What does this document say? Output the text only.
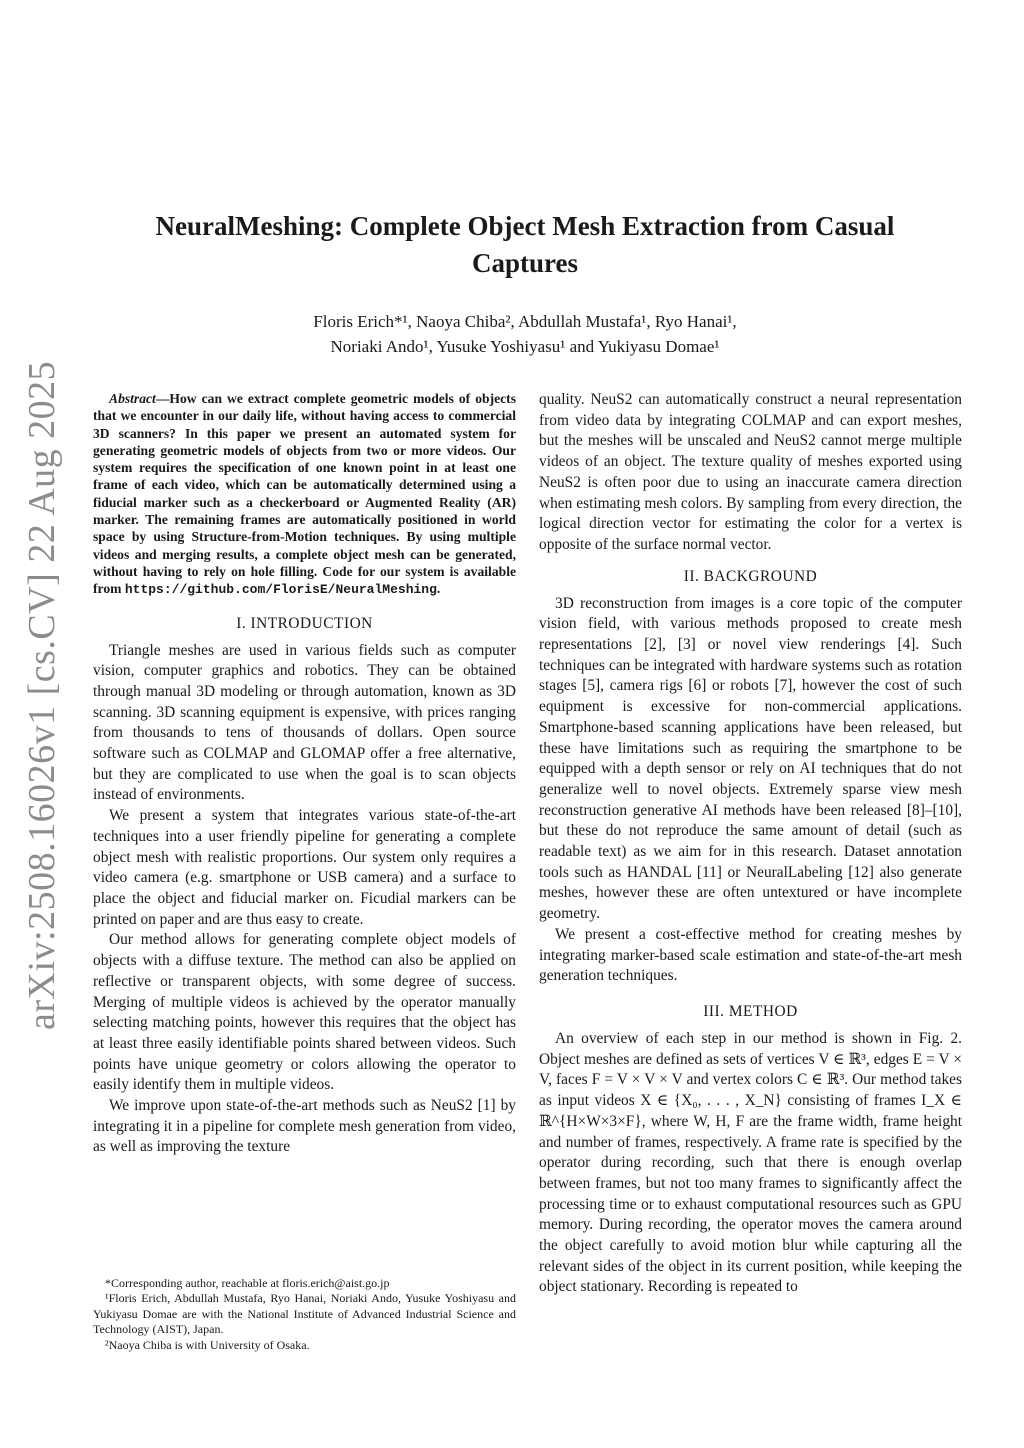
arXiv:2508.16026v1 [cs.CV] 22 Aug 2025
NeuralMeshing: Complete Object Mesh Extraction from Casual Captures
Floris Erich*¹, Naoya Chiba², Abdullah Mustafa¹, Ryo Hanai¹,
Noriaki Ando¹, Yusuke Yoshiyasu¹ and Yukiyasu Domae¹

Abstract—How can we extract complete geometric models of objects that we encounter in our daily life, without having access to commercial 3D scanners? In this paper we present an automated system for generating geometric models of objects from two or more videos. Our system requires the specification of one known point in at least one frame of each video, which can be automatically determined using a fiducial marker such as a checkerboard or Augmented Reality (AR) marker. The remaining frames are automatically positioned in world space by using Structure-from-Motion techniques. By using multiple videos and merging results, a complete object mesh can be generated, without having to rely on hole filling. Code for our system is available from https://github.com/FlorisE/NeuralMeshing.

I. INTRODUCTION

Triangle meshes are used in various fields such as computer vision, computer graphics and robotics. They can be obtained through manual 3D modeling or through automation, known as 3D scanning. 3D scanning equipment is expensive, with prices ranging from thousands to tens of thousands of dollars. Open source software such as COLMAP and GLOMAP offer a free alternative, but they are complicated to use when the goal is to scan objects instead of environments.

We present a system that integrates various state-of-the-art techniques into a user friendly pipeline for generating a complete object mesh with realistic proportions. Our system only requires a video camera (e.g. smartphone or USB camera) and a surface to place the object and fiducial marker on. Ficudial markers can be printed on paper and are thus easy to create.

Our method allows for generating complete object models of objects with a diffuse texture. The method can also be applied on reflective or transparent objects, with some degree of success. Merging of multiple videos is achieved by the operator manually selecting matching points, however this requires that the object has at least three easily identifiable points shared between videos. Such points have unique geometry or colors allowing the operator to easily identify them in multiple videos.

We improve upon state-of-the-art methods such as NeuS2 [1] by integrating it in a pipeline for complete mesh generation from video, as well as improving the texture

quality. NeuS2 can automatically construct a neural representation from video data by integrating COLMAP and can export meshes, but the meshes will be unscaled and NeuS2 cannot merge multiple videos of an object. The texture quality of meshes exported using NeuS2 is often poor due to using an inaccurate camera direction when estimating mesh colors. By sampling from every direction, the logical direction vector for estimating the color for a vertex is opposite of the surface normal vector.

II. BACKGROUND

3D reconstruction from images is a core topic of the computer vision field, with various methods proposed to create mesh representations [2], [3] or novel view renderings [4]. Such techniques can be integrated with hardware systems such as rotation stages [5], camera rigs [6] or robots [7], however the cost of such equipment is excessive for non-commercial applications. Smartphone-based scanning applications have been released, but these have limitations such as requiring the smartphone to be equipped with a depth sensor or rely on AI techniques that do not generalize well to novel objects. Extremely sparse view mesh reconstruction generative AI methods have been released [8]–[10], but these do not reproduce the same amount of detail (such as readable text) as we aim for in this research. Dataset annotation tools such as HANDAL [11] or NeuralLabeling [12] also generate meshes, however these are often untextured or have incomplete geometry.

We present a cost-effective method for creating meshes by integrating marker-based scale estimation and state-of-the-art mesh generation techniques.

III. METHOD

An overview of each step in our method is shown in Fig. 2. Object meshes are defined as sets of vertices V ∈ ℝ³, edges E = V × V, faces F = V × V × V and vertex colors C ∈ ℝ³. Our method takes as input videos X ∈ {X₀, . . . , X_N} consisting of frames I_X ∈ ℝ^{H×W×3×F}, where W, H, F are the frame width, frame height and number of frames, respectively. A frame rate is specified by the operator during recording, such that there is enough overlap between frames, but not too many frames to significantly affect the processing time or to exhaust computational resources such as GPU memory. During recording, the operator moves the camera around the object carefully to avoid motion blur while capturing all the relevant sides of the object in its current position, while keeping the object stationary. Recording is repeated to

*Corresponding author, reachable at floris.erich@aist.go.jp
¹Floris Erich, Abdullah Mustafa, Ryo Hanai, Noriaki Ando, Yusuke Yoshiyasu and Yukiyasu Domae are with the National Institute of Advanced Industrial Science and Technology (AIST), Japan.
²Naoya Chiba is with University of Osaka.
